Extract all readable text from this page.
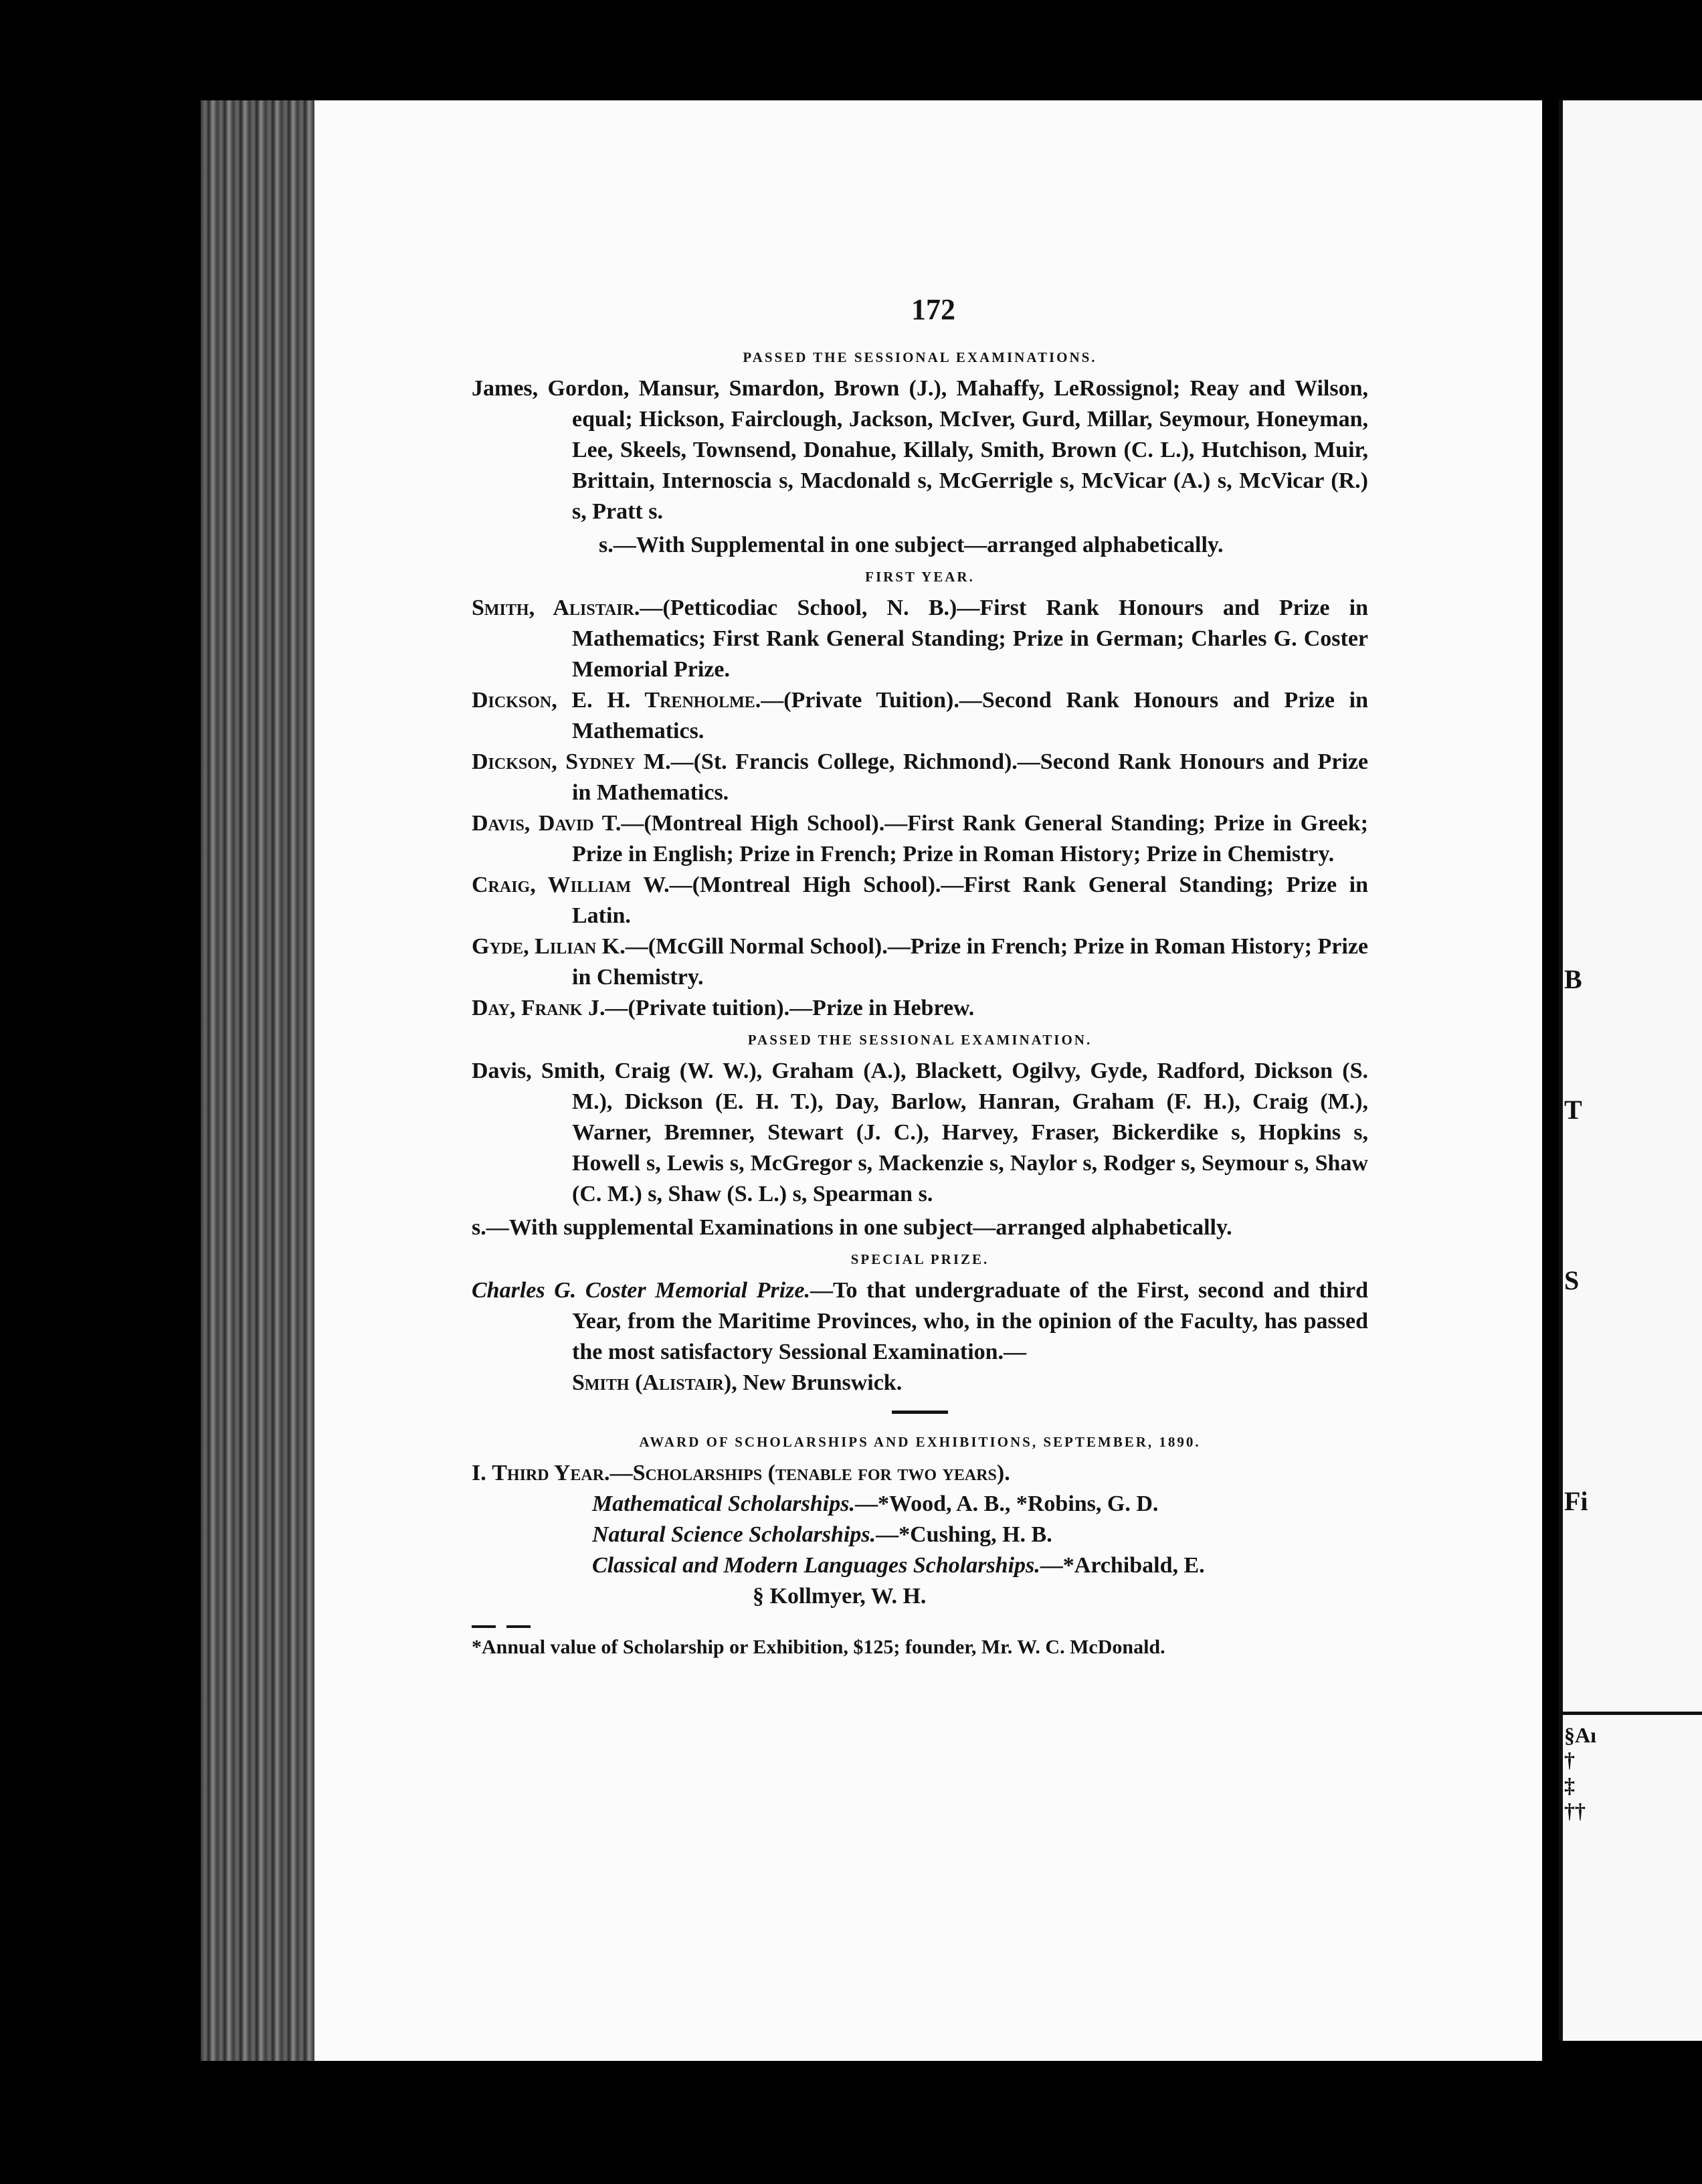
B
T
S
Fi
§Aı
†
‡
††
172
PASSED THE SESSIONAL EXAMINATIONS.

James, Gordon, Mansur, Smardon, Brown (J.), Mahaffy, LeRossignol; Reay and Wilson, equal; Hickson, Fairclough, Jackson, McIver, Gurd, Millar, Seymour, Honeyman, Lee, Skeels, Townsend, Donahue, Killaly, Smith, Brown (C. L.), Hutchison, Muir, Brittain, Internoscia s, Macdonald s, McGerrigle s, McVicar (A.) s, McVicar (R.) s, Pratt s.

s.—With Supplemental in one subject—arranged alphabetically.
FIRST YEAR.

Smith, Alistair.—(Petticodiac School, N. B.)—First Rank Honours and Prize in Mathematics; First Rank General Standing; Prize in German; Charles G. Coster Memorial Prize.

Dickson, E. H. Trenholme.—(Private Tuition).—Second Rank Honours and Prize in Mathematics.

Dickson, Sydney M.—(St. Francis College, Richmond).—Second Rank Honours and Prize in Mathematics.

Davis, David T.—(Montreal High School).—First Rank General Standing; Prize in Greek; Prize in English; Prize in French; Prize in Roman History; Prize in Chemistry.

Craig, William W.—(Montreal High School).—First Rank General Standing; Prize in Latin.

Gyde, Lilian K.—(McGill Normal School).—Prize in French; Prize in Roman History; Prize in Chemistry.

Day, Frank J.—(Private tuition).—Prize in Hebrew.

PASSED THE SESSIONAL EXAMINATION.

Davis, Smith, Craig (W. W.), Graham (A.), Blackett, Ogilvy, Gyde, Radford, Dickson (S. M.), Dickson (E. H. T.), Day, Barlow, Hanran, Graham (F. H.), Craig (M.), Warner, Bremner, Stewart (J. C.), Harvey, Fraser, Bickerdike s, Hopkins s, Howell s, Lewis s, McGregor s, Mackenzie s, Naylor s, Rodger s, Seymour s, Shaw (C. M.) s, Shaw (S. L.) s, Spearman s.

s.—With supplemental Examinations in one subject—arranged alphabetically.
SPECIAL PRIZE.

Charles G. Coster Memorial Prize.—To that undergraduate of the First, second and third Year, from the Maritime Provinces, who, in the opinion of the Faculty, has passed the most satisfactory Sessional Examination.—
Smith (Alistair), New Brunswick.

AWARD OF SCHOLARSHIPS AND EXHIBITIONS, SEPTEMBER, 1890.
I. Third Year.—Scholarships (tenable for two years).
Mathematical Scholarships.—*Wood, A. B., *Robins, G. D.
Natural Science Scholarships.—*Cushing, H. B.
Classical and Modern Languages Scholarships.—*Archibald, E.
§ Kollmyer, W. H.
*Annual value of Scholarship or Exhibition, $125; founder, Mr. W. C. McDonald.
